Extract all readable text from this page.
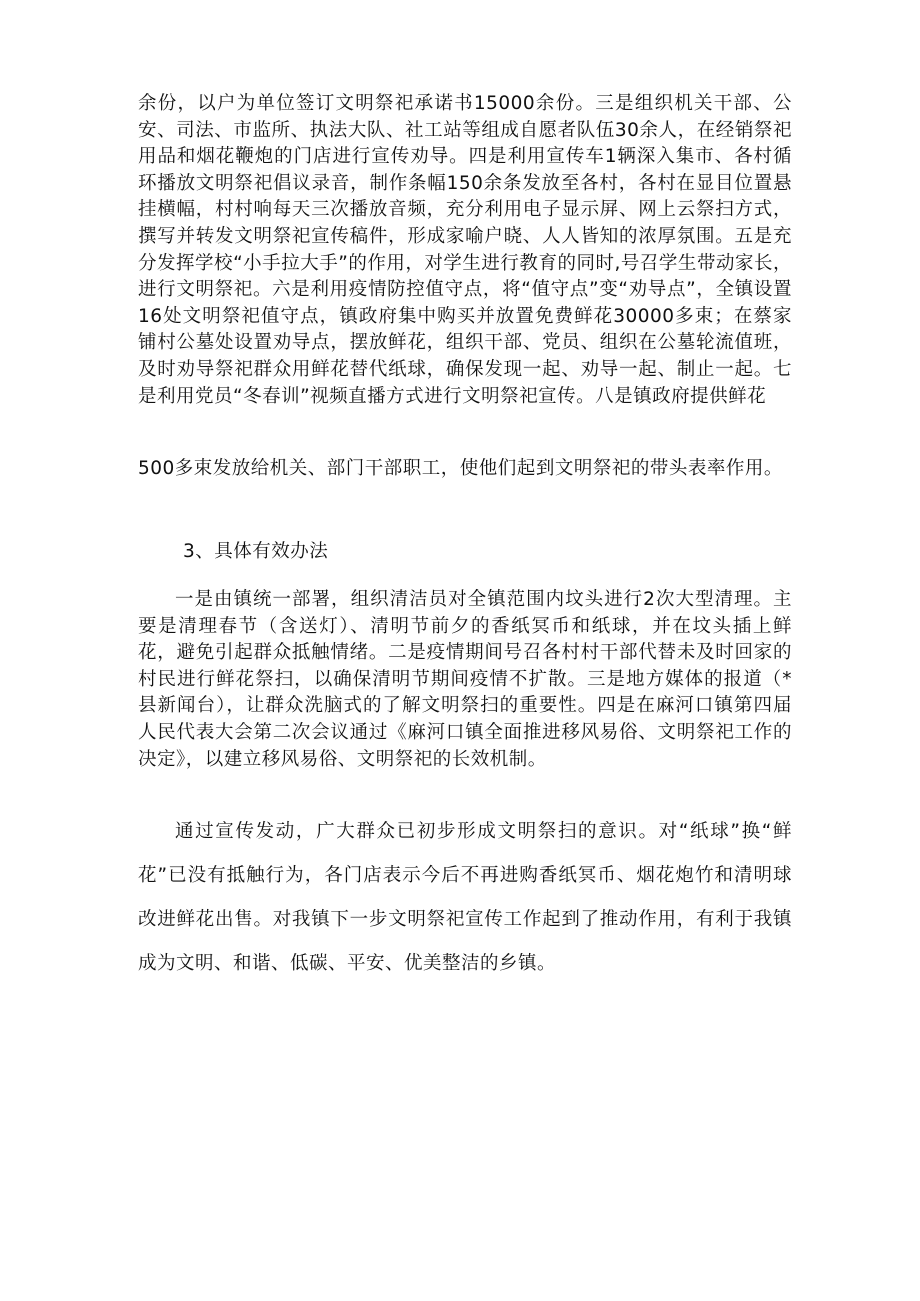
余份，以户为单位签订文明祭祀承诺书15000余份。三是组织机关干部、公安、司法、市监所、执法大队、社工站等组成自愿者队伍30余人，在经销祭祀用品和烟花鞭炮的门店进行宣传劝导。四是利用宣传车1辆深入集市、各村循环播放文明祭祀倡议录音，制作条幅150余条发放至各村，各村在显目位置悬挂横幅，村村响每天三次播放音频，充分利用电子显示屏、网上云祭扫方式，撰写并转发文明祭祀宣传稿件，形成家喻户晓、人人皆知的浓厚氛围。五是充分发挥学校“小手拉大手”的作用，对学生进行教育的同时,号召学生带动家长，进行文明祭祀。六是利用疫情防控值守点，将“值守点”变“劝导点”，全镇设置16处文明祭祀值守点，镇政府集中购买并放置免费鲜花30000多束；在蔡家铺村公墓处设置劝导点，摆放鲜花，组织干部、党员、组织在公墓轮流值班，及时劝导祭祀群众用鲜花替代纸球，确保发现一起、劝导一起、制止一起。七是利用党员“冬春训”视频直播方式进行文明祭祀宣传。八是镇政府提供鲜花

500多束发放给机关、部门干部职工，使他们起到文明祭祀的带头表率作用。

3、具体有效办法

一是由镇统一部署，组织清洁员对全镇范围内坟头进行2次大型清理。主要是清理春节（含送灯）、清明节前夕的香纸冥币和纸球，并在坟头插上鲜花，避免引起群众抵触情绪。二是疫情期间号召各村村干部代替未及时回家的村民进行鲜花祭扫，以确保清明节期间疫情不扩散。三是地方媒体的报道（*县新闻台），让群众洗脑式的了解文明祭扫的重要性。四是在麻河口镇第四届人民代表大会第二次会议通过《麻河口镇全面推进移风易俗、文明祭祀工作的决定》，以建立移风易俗、文明祭祀的长效机制。

通过宣传发动，广大群众已初步形成文明祭扫的意识。对“纸球”换“鲜花”已没有抵触行为，各门店表示今后不再进购香纸冥币、烟花炮竹和清明球改进鲜花出售。对我镇下一步文明祭祀宣传工作起到了推动作用，有利于我镇成为文明、和谐、低碳、平安、优美整洁的乡镇。
